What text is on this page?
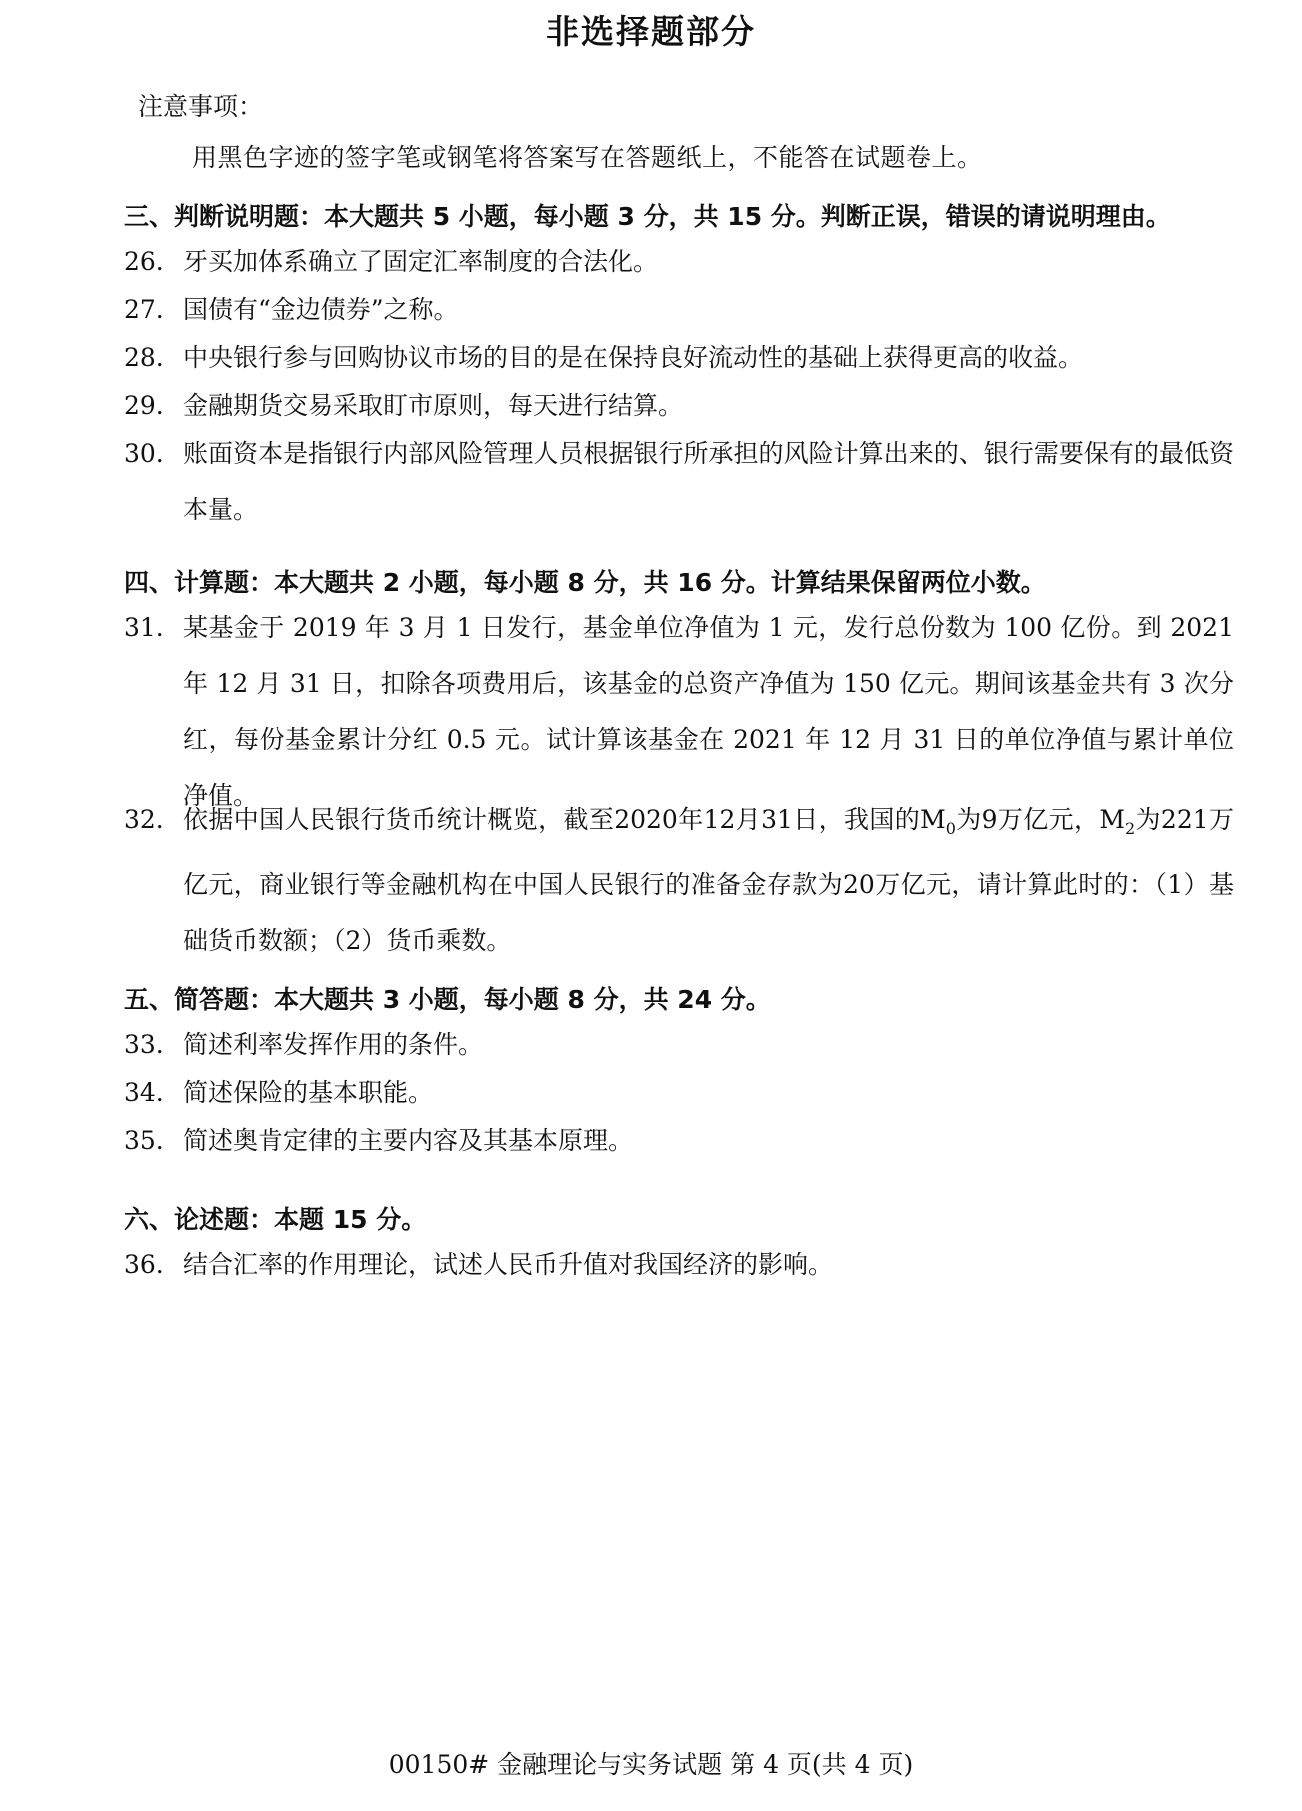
非选择题部分
注意事项：
用黑色字迹的签字笔或钢笔将答案写在答题纸上，不能答在试题卷上。
三、判断说明题：本大题共 5 小题，每小题 3 分，共 15 分。判断正误，错误的请说明理由。
26. 牙买加体系确立了固定汇率制度的合法化。
27. 国债有“金边债券”之称。
28. 中央银行参与回购协议市场的目的是在保持良好流动性的基础上获得更高的收益。
29. 金融期货交易采取盯市原则，每天进行结算。
30. 账面资本是指银行内部风险管理人员根据银行所承担的风险计算出来的、银行需要保有的最低资本量。
四、计算题：本大题共 2 小题，每小题 8 分，共 16 分。计算结果保留两位小数。
31. 某基金于 2019 年 3 月 1 日发行，基金单位净值为 1 元，发行总份数为 100 亿份。到 2021 年 12 月 31 日，扣除各项费用后，该基金的总资产净值为 150 亿元。期间该基金共有 3 次分红，每份基金累计分红 0.5 元。试计算该基金在 2021 年 12 月 31 日的单位净值与累计单位净值。
32. 依据中国人民银行货币统计概览，截至2020年12月31日，我国的$M_0$为9万亿元，$M_2$为221万亿元，商业银行等金融机构在中国人民银行的准备金存款为20万亿元，请计算此时的：（1）基础货币数额；（2）货币乘数。
五、简答题：本大题共 3 小题，每小题 8 分，共 24 分。
33. 简述利率发挥作用的条件。
34. 简述保险的基本职能。
35. 简述奥肯定律的主要内容及其基本原理。
六、论述题：本题 15 分。
36. 结合汇率的作用理论，试述人民币升值对我国经济的影响。
00150# 金融理论与实务试题 第 4 页(共 4 页)
